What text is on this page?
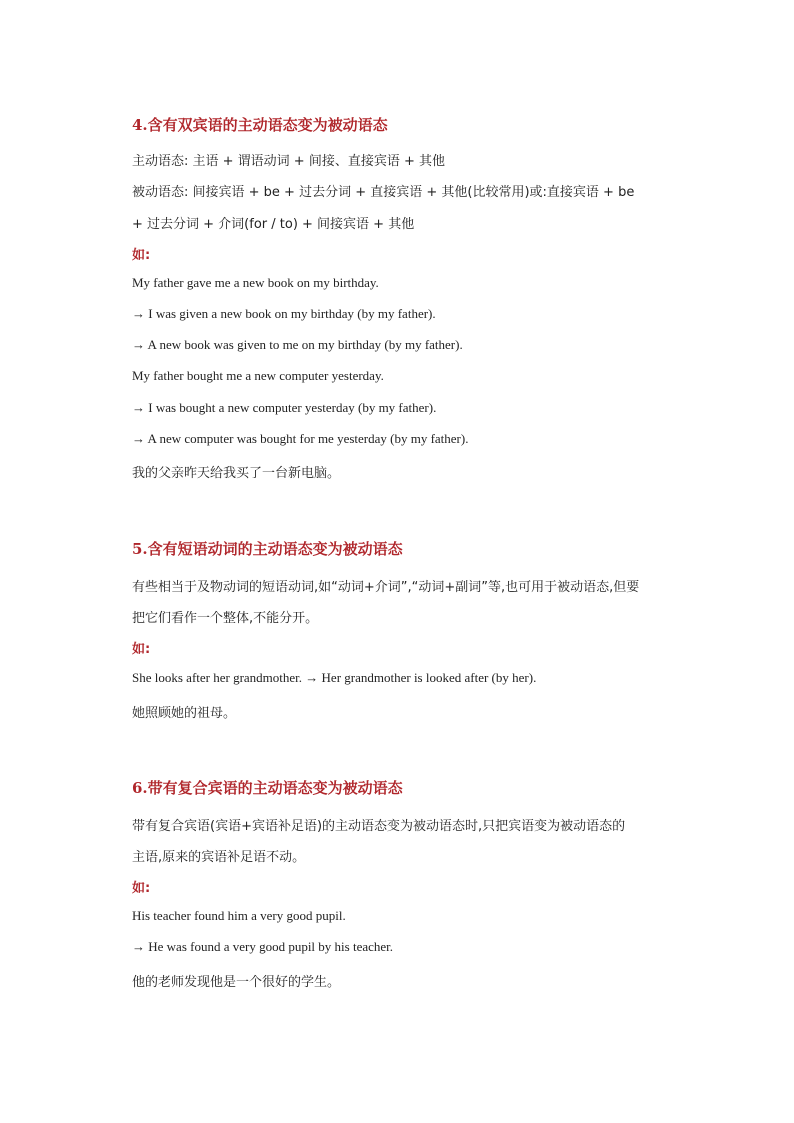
4.含有双宾语的主动语态变为被动语态
主动语态: 主语 + 谓语动词 + 间接、直接宾语 + 其他
被动语态: 间接宾语 + be + 过去分词 + 直接宾语 + 其他(比较常用)或:直接宾语 + be
+ 过去分词 + 介词(for / to) + 间接宾语 + 其他
如:
My father gave me a new book on my birthday.
→ I was given a new book on my birthday (by my father).
→ A new book was given to me on my birthday (by my father).
My father bought me a new computer yesterday.
→ I was bought a new computer yesterday (by my father).
→ A new computer was bought for me yesterday (by my father).
我的父亲昨天给我买了一台新电脑。
5.含有短语动词的主动语态变为被动语态
有些相当于及物动词的短语动词,如“动词+介词”,“动词+副词”等,也可用于被动语态,但要
把它们看作一个整体,不能分开。
如:
She looks after her grandmother. → Her grandmother is looked after (by her).
她照顾她的祖母。
6.带有复合宾语的主动语态变为被动语态
带有复合宾语(宾语+宾语补足语)的主动语态变为被动语态时,只把宾语变为被动语态的
主语,原来的宾语补足语不动。
如:
His teacher found him a very good pupil.
→ He was found a very good pupil by his teacher.
他的老师发现他是一个很好的学生。
